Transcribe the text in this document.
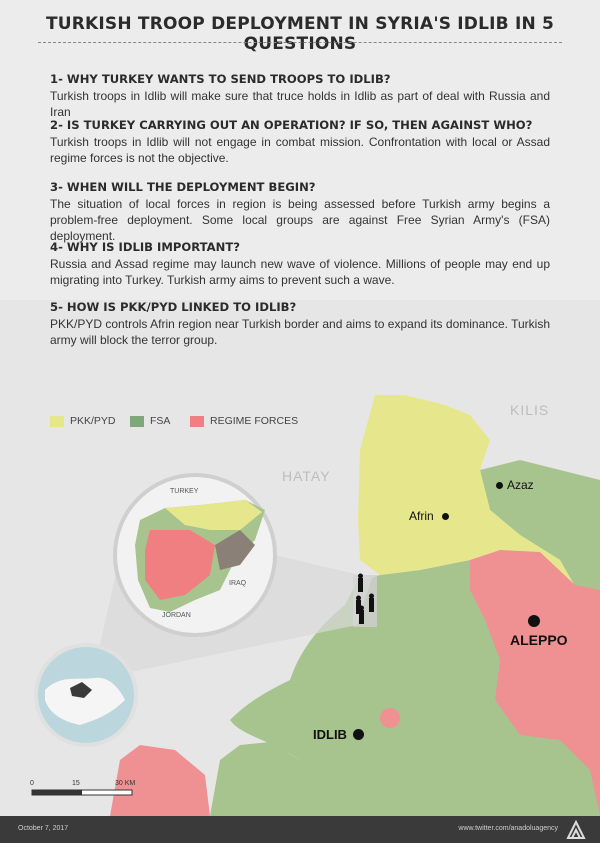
TURKISH TROOP DEPLOYMENT IN SYRIA'S IDLIB IN 5 QUESTIONS
1- WHY TURKEY WANTS TO SEND TROOPS TO IDLIB?
Turkish troops in Idlib will make sure that truce holds in Idlib as part of deal with Russia and Iran
2- IS TURKEY CARRYING OUT AN OPERATION? IF SO, THEN AGAINST WHO?
Turkish troops in Idlib will not engage in combat mission. Confrontation with local or Assad regime forces is not the objective.
3- WHEN WILL THE DEPLOYMENT BEGIN?
The situation of local forces in region is being assessed before Turkish army begins a problem-free deployment. Some local groups are against Free Syrian Army's (FSA) deployment.
4- WHY IS IDLIB IMPORTANT?
Russia and Assad regime may launch new wave of violence. Millions of people may end up migrating into Turkey. Turkish army aims to prevent such a wave.
5- HOW IS PKK/PYD LINKED TO IDLIB?
PKK/PYD controls Afrin region near Turkish border and aims to expand its dominance. Turkish army will block the terror group.
PKK/PYD	FSA	REGIME FORCES
KILIS
HATAY
Azaz
Afrin
ALEPPO
IDLIB
TURKEY
IRAQ
JORDAN
0	15	30 KM
October 7, 2017	www.twitter.com/anadoluagency
